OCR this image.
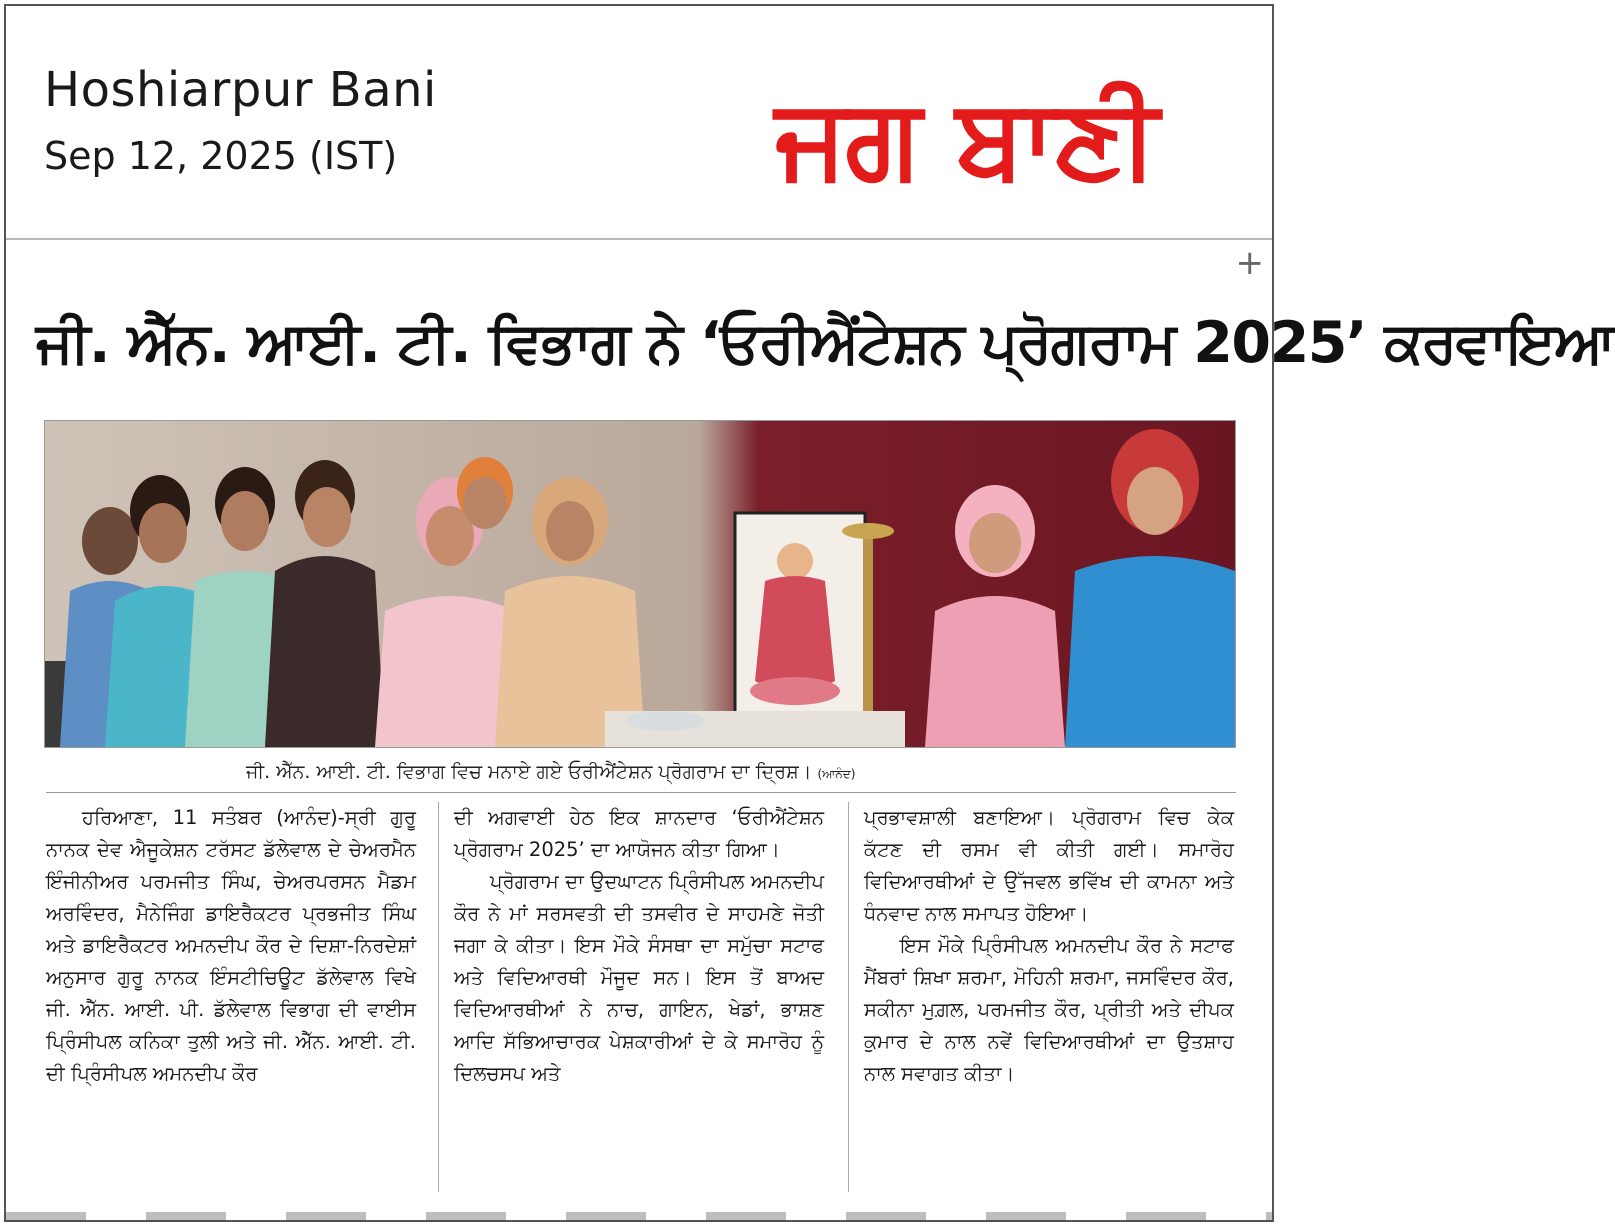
Hoshiarpur Bani
Sep 12, 2025 (IST)	ਜਗ ਬਾਣੀ
+
ਜੀ. ਐੱਨ. ਆਈ. ਟੀ. ਵਿਭਾਗ ਨੇ ‘ਓਰੀਐਂਟੇਸ਼ਨ ਪ੍ਰੋਗਰਾਮ 2025’ ਕਰਵਾਇਆ
ਜੀ. ਐੱਨ. ਆਈ. ਟੀ. ਵਿਭਾਗ ਵਿਚ ਮਨਾਏ ਗਏ ਓਰੀਐਂਟੇਸ਼ਨ ਪ੍ਰੋਗਰਾਮ ਦਾ ਦ੍ਰਿਸ਼। (ਆਨੰਦ)

ਹਰਿਆਣਾ, 11 ਸਤੰਬਰ (ਆਨੰਦ)-ਸ੍ਰੀ ਗੁਰੂ ਨਾਨਕ ਦੇਵ ਐਜੂਕੇਸ਼ਨ ਟਰੱਸਟ ਡੱਲੇਵਾਲ ਦੇ ਚੇਅਰਮੈਨ ਇੰਜੀਨੀਅਰ ਪਰਮਜੀਤ ਸਿੰਘ, ਚੇਅਰਪਰਸਨ ਮੈਡਮ ਅਰਵਿੰਦਰ, ਮੈਨੇਜਿੰਗ ਡਾਇਰੈਕਟਰ ਪ੍ਰਭਜੀਤ ਸਿੰਘ ਅਤੇ ਡਾਇਰੈਕਟਰ ਅਮਨਦੀਪ ਕੌਰ ਦੇ ਦਿਸ਼ਾ-ਨਿਰਦੇਸ਼ਾਂ ਅਨੁਸਾਰ ਗੁਰੂ ਨਾਨਕ ਇੰਸਟੀਚਿਊਟ ਡੱਲੇਵਾਲ ਵਿਖੇ ਜੀ. ਐੱਨ. ਆਈ. ਪੀ. ਡੱਲੇਵਾਲ ਵਿਭਾਗ ਦੀ ਵਾਈਸ ਪ੍ਰਿੰਸੀਪਲ ਕਨਿਕਾ ਤੁਲੀ ਅਤੇ ਜੀ. ਐੱਨ. ਆਈ. ਟੀ. ਦੀ ਪ੍ਰਿੰਸੀਪਲ ਅਮਨਦੀਪ ਕੌਰ

ਦੀ ਅਗਵਾਈ ਹੇਠ ਇਕ ਸ਼ਾਨਦਾਰ ‘ਓਰੀਐਂਟੇਸ਼ਨ ਪ੍ਰੋਗਰਾਮ 2025’ ਦਾ ਆਯੋਜਨ ਕੀਤਾ ਗਿਆ।

ਪ੍ਰੋਗਰਾਮ ਦਾ ਉਦਘਾਟਨ ਪ੍ਰਿੰਸੀਪਲ ਅਮਨਦੀਪ ਕੌਰ ਨੇ ਮਾਂ ਸਰਸਵਤੀ ਦੀ ਤਸਵੀਰ ਦੇ ਸਾਹਮਣੇ ਜੋਤੀ ਜਗਾ ਕੇ ਕੀਤਾ। ਇਸ ਮੌਕੇ ਸੰਸਥਾ ਦਾ ਸਮੁੱਚਾ ਸਟਾਫ ਅਤੇ ਵਿਦਿਆਰਥੀ ਮੌਜੂਦ ਸਨ। ਇਸ ਤੋਂ ਬਾਅਦ ਵਿਦਿਆਰਥੀਆਂ ਨੇ ਨਾਚ, ਗਾਇਨ, ਖੇਡਾਂ, ਭਾਸ਼ਣ ਆਦਿ ਸੱਭਿਆਚਾਰਕ ਪੇਸ਼ਕਾਰੀਆਂ ਦੇ ਕੇ ਸਮਾਰੋਹ ਨੂੰ ਦਿਲਚਸਪ ਅਤੇ

ਪ੍ਰਭਾਵਸ਼ਾਲੀ ਬਣਾਇਆ। ਪ੍ਰੋਗਰਾਮ ਵਿਚ ਕੇਕ ਕੱਟਣ ਦੀ ਰਸਮ ਵੀ ਕੀਤੀ ਗਈ। ਸਮਾਰੋਹ ਵਿਦਿਆਰਥੀਆਂ ਦੇ ਉੱਜਵਲ ਭਵਿੱਖ ਦੀ ਕਾਮਨਾ ਅਤੇ ਧੰਨਵਾਦ ਨਾਲ ਸਮਾਪਤ ਹੋਇਆ।

ਇਸ ਮੌਕੇ ਪ੍ਰਿੰਸੀਪਲ ਅਮਨਦੀਪ ਕੌਰ ਨੇ ਸਟਾਫ ਮੈਂਬਰਾਂ ਸ਼ਿਖਾ ਸ਼ਰਮਾ, ਮੋਹਿਨੀ ਸ਼ਰਮਾ, ਜਸਵਿੰਦਰ ਕੌਰ, ਸਕੀਨਾ ਮੁਗ਼ਲ, ਪਰਮਜੀਤ ਕੌਰ, ਪ੍ਰੀਤੀ ਅਤੇ ਦੀਪਕ ਕੁਮਾਰ ਦੇ ਨਾਲ ਨਵੇਂ ਵਿਦਿਆਰਥੀਆਂ ਦਾ ਉਤਸ਼ਾਹ ਨਾਲ ਸਵਾਗਤ ਕੀਤਾ।
